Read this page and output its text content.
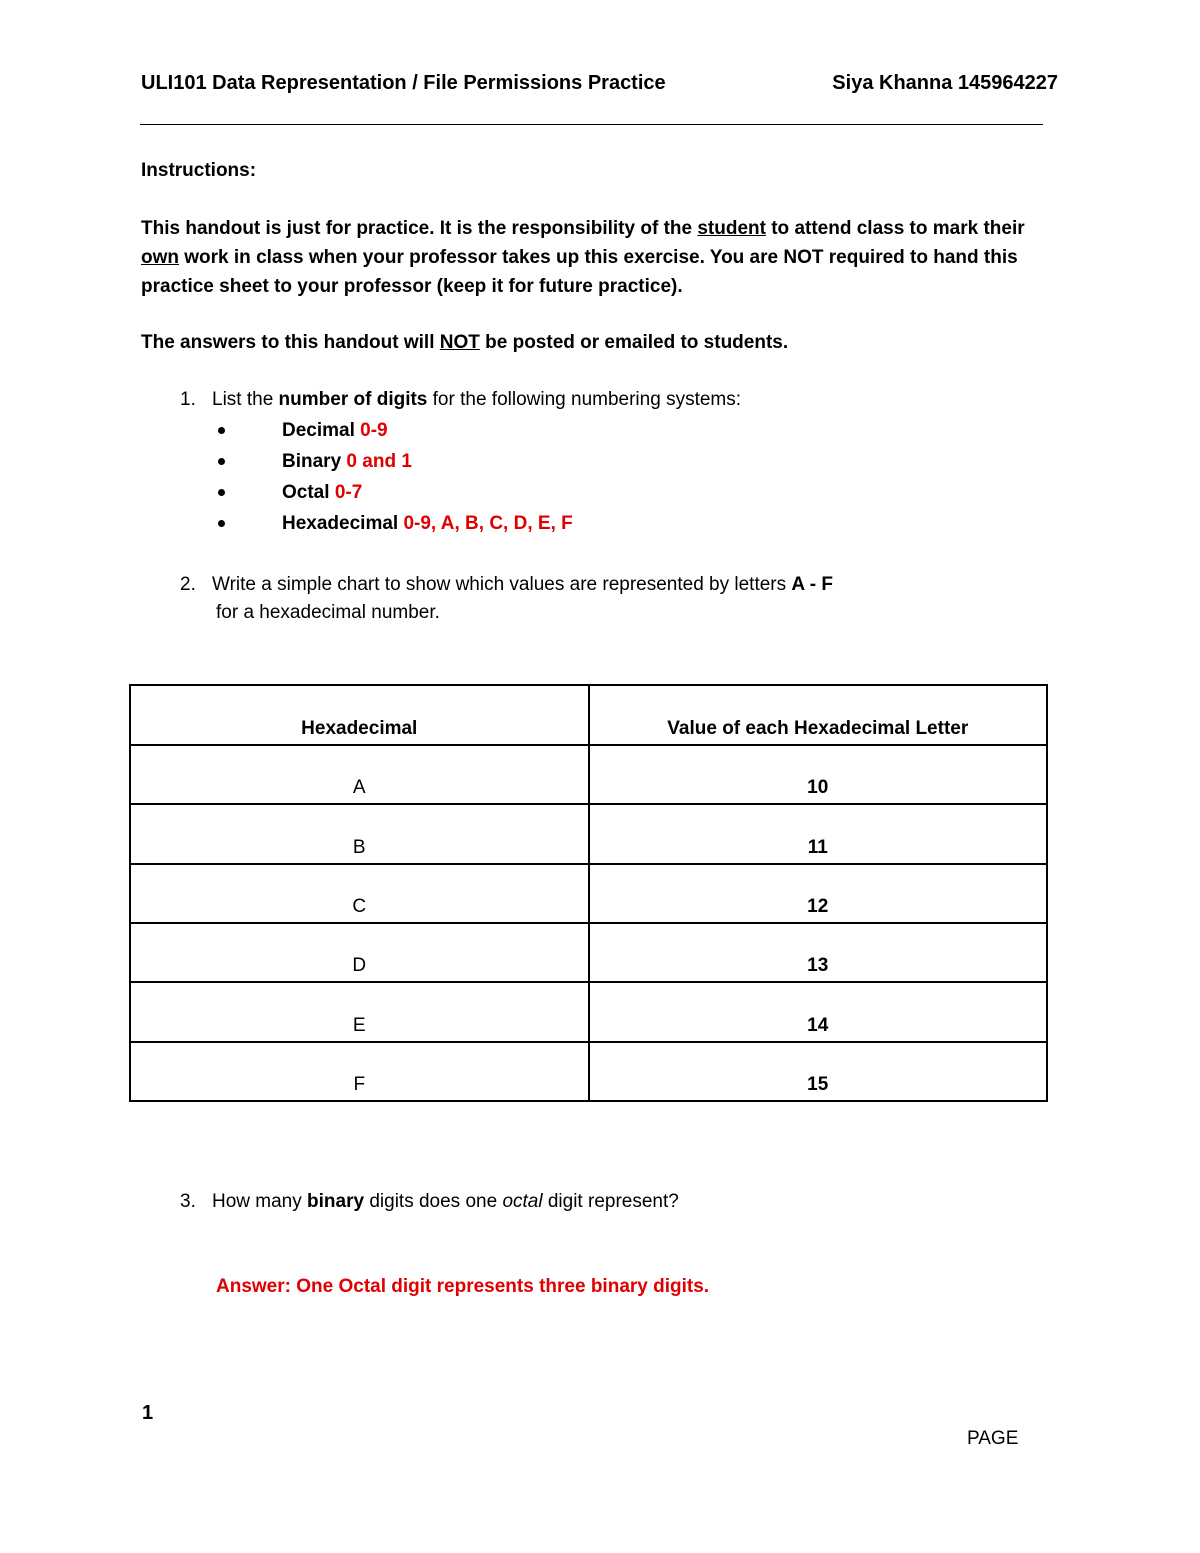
ULI101 Data Representation / File Permissions Practice	Siya Khanna 145964227
Instructions:
This handout is just for practice. It is the responsibility of the student to attend class to mark their own work in class when your professor takes up this exercise. You are NOT required to hand this practice sheet to your professor (keep it for future practice).
The answers to this handout will NOT be posted or emailed to students.
1. List the number of digits for the following numbering systems:
Decimal 0-9
Binary 0 and 1
Octal 0-7
Hexadecimal 0-9, A, B, C, D, E, F
2. Write a simple chart to show which values are represented by letters A - F
for a hexadecimal number.
Hexadecimal	Value of each Hexadecimal Letter
A	10
B	11
C	12
D	13
E	14
F	15
3. How many binary digits does one octal digit represent?
Answer: One Octal digit represents three binary digits.
1
PAGE
